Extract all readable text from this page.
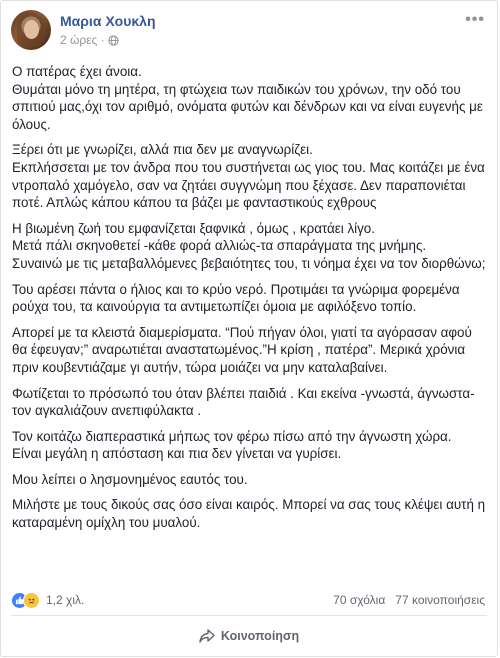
Μαρια Χουκλη
2 ώρες ·
•••

Ο πατέρας έχει άνοια.
Θυμάται μόνο τη μητέρα, τη φτώχεια των παιδικών του χρόνων, την οδό του σπιτιού μας,όχι τον αριθμό, ονόματα φυτών και δένδρων και να είναι ευγενής με όλους.

Ξέρει ότι με γνωρίζει, αλλά πια δεν με αναγνωρίζει.
Εκπλήσσεται με τον άνδρα που του συστήνεται ως γιος του. Μας κοιτάζει με ένα ντροπαλό χαμόγελο, σαν να ζητάει συγγνώμη που ξέχασε. Δεν παραπονιέται ποτέ. Απλώς κάπου κάπου τα βάζει με φανταστικούς εχθρους

Η βιωμένη ζωή του εμφανίζεται ξαφνικά , όμως , κρατάει λίγο.
Μετά πάλι σκηνοθετεί -κάθε φορά αλλιώς-τα σπαράγματα της μνήμης.
Συναινώ με τις μεταβαλλόμενες βεβαιότητες του, τι νόημα έχει να τον διορθώνω;

Του αρέσει πάντα ο ήλιος και το κρύο νερό. Προτιμάει τα γνώριμα φορεμένα ρούχα του, τα καινούργια τα αντιμετωπίζει όμοια με αφιλόξενο τοπίο.

Απορεί με τα κλειστά διαμερίσματα. “Πού πήγαν όλοι, γιατί τα αγόρασαν αφού θα έφευγαν;” αναρωτιέται αναστατωμένος.”Η κρίση , πατέρα”. Μερικά χρόνια πριν κουβεντιάζαμε γι αυτήν, τώρα μοιάζει να μην καταλαβαίνει.

Φωτίζεται το πρόσωπό του όταν βλέπει παιδιά . Και εκείνα -γνωστά, άγνωστα- τον αγκαλιάζουν ανεπιφύλακτα .

Τον κοιτάζω διαπεραστικά μήπως τον φέρω πίσω από την άγνωστη χώρα.
Είναι μεγάλη η απόσταση και πια δεν γίνεται να γυρίσει.

Μου λείπει ο λησμονημένος εαυτός του.

Μιλήστε με τους δικούς σας όσο είναι καιρός. Μπορεί να σας τους κλέψει αυτή η καταραμένη ομίχλη του μυαλού.

1,2 χιλ.	70 σχόλια 77 κοινοποιήσεις
Κοινοποίηση
